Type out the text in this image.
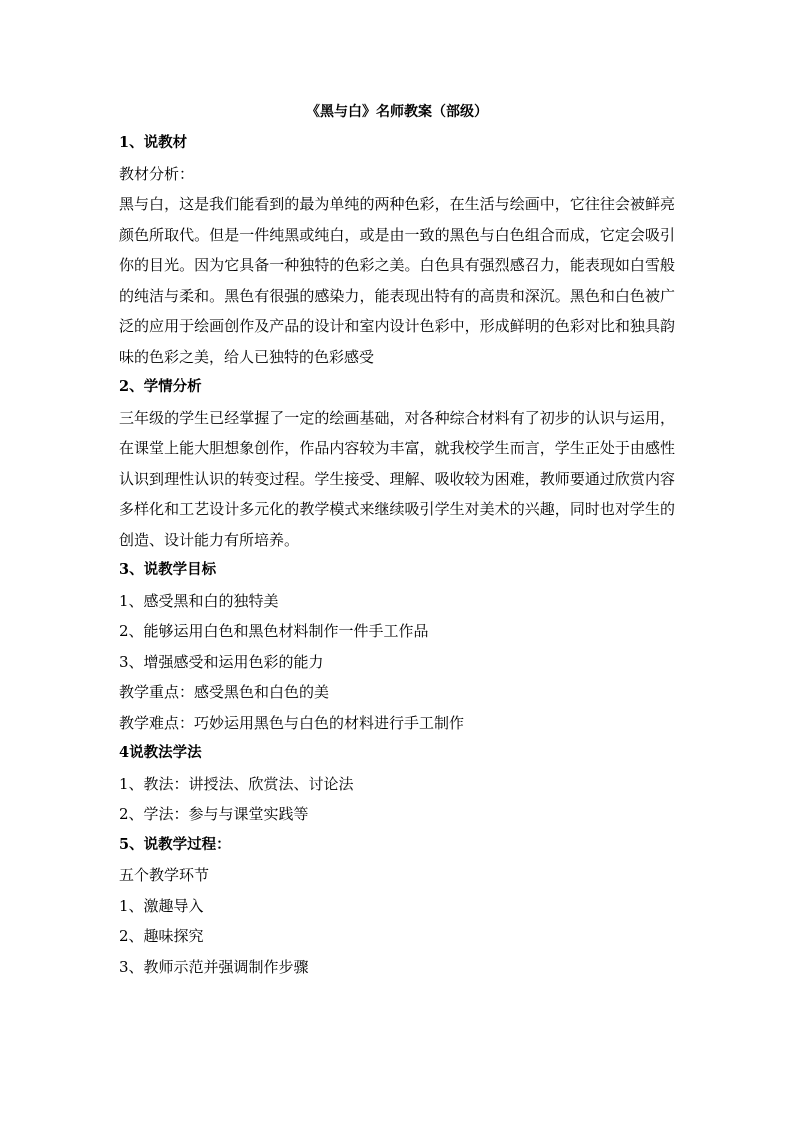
《黑与白》名师教案（部级）
1、说教材
教材分析：
黑与白，这是我们能看到的最为单纯的两种色彩，在生活与绘画中，它往往会被鲜亮颜色所取代。但是一件纯黑或纯白，或是由一致的黑色与白色组合而成，它定会吸引你的目光。因为它具备一种独特的色彩之美。白色具有强烈感召力，能表现如白雪般的纯洁与柔和。黑色有很强的感染力，能表现出特有的高贵和深沉。黑色和白色被广泛的应用于绘画创作及产品的设计和室内设计色彩中，形成鲜明的色彩对比和独具韵味的色彩之美，给人已独特的色彩感受
2、学情分析
三年级的学生已经掌握了一定的绘画基础，对各种综合材料有了初步的认识与运用，在课堂上能大胆想象创作，作品内容较为丰富，就我校学生而言，学生正处于由感性认识到理性认识的转变过程。学生接受、理解、吸收较为困难，教师要通过欣赏内容多样化和工艺设计多元化的教学模式来继续吸引学生对美术的兴趣，同时也对学生的创造、设计能力有所培养。
3、说教学目标
1、感受黑和白的独特美
2、能够运用白色和黑色材料制作一件手工作品
3、增强感受和运用色彩的能力
教学重点：感受黑色和白色的美
教学难点：巧妙运用黑色与白色的材料进行手工制作
4说教法学法
1、教法：讲授法、欣赏法、讨论法
2、学法：参与与课堂实践等
5、说教学过程：
五个教学环节
1、激趣导入
2、趣味探究
3、教师示范并强调制作步骤
